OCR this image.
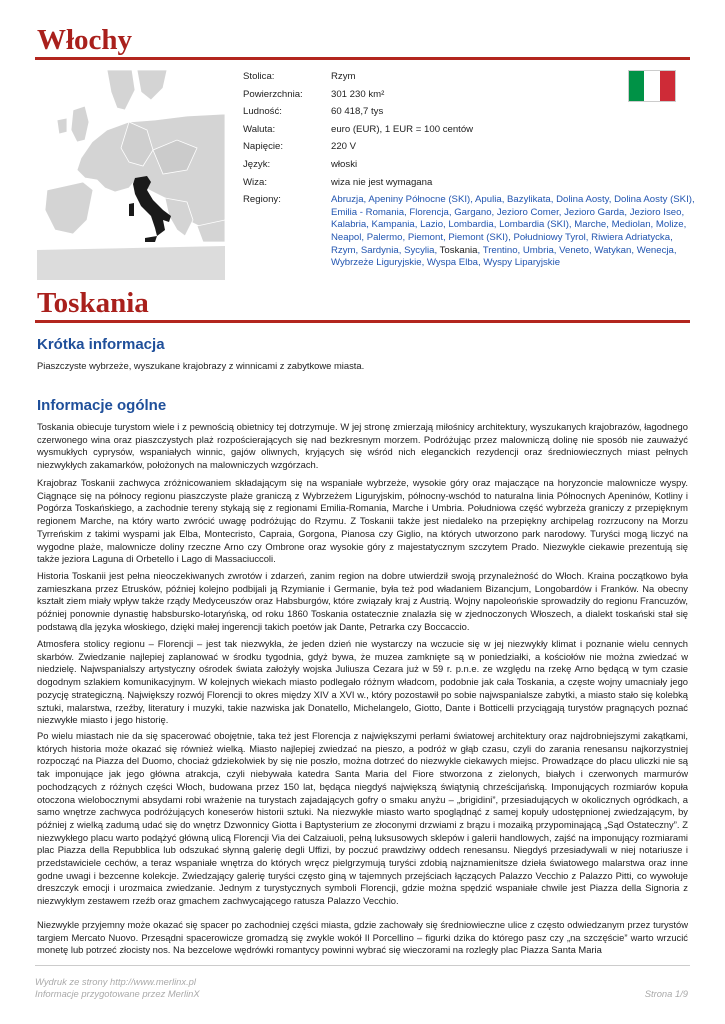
Włochy
Stolica:	Rzym
Powierzchnia:	301 230 km²
Ludność:	60 418,7 tys
Waluta:	euro (EUR), 1 EUR = 100 centów
Napięcie:	220 V
Język:	włoski
Wiza:	wiza nie jest wymagana
Regiony:	Abruzja, Apeniny Północne (SKI), Apulia, Bazylikata, Dolina Aosty, Dolina Aosty (SKI), Emilia - Romania, Florencja, Gargano, Jezioro Comer, Jezioro Garda, Jezioro Iseo, Kalabria, Kampania, Lazio, Lombardia, Lombardia (SKI), Marche, Mediolan, Molize, Neapol, Palermo, Piemont, Piemont (SKI), Południowy Tyrol, Riwiera Adriatycka, Rzym, Sardynia, Sycylia, Toskania, Trentino, Umbria, Veneto, Watykan, Wenecja, Wybrzeże Liguryjskie, Wyspa Elba, Wyspy Liparyjskie
Toskania
Krótka informacja

Piaszczyste wybrzeże, wyszukane krajobrazy z winnicami z zabytkowe miasta.

Informacje ogólne

Toskania obiecuje turystom wiele i z pewnością obietnicy tej dotrzymuje. W jej stronę zmierzają miłośnicy architektury, wyszukanych krajobrazów, łagodnego czerwonego wina oraz piaszczystych plaż rozpościerających się nad bezkresnym morzem. Podróżując przez malowniczą dolinę nie sposób nie zauważyć wysmukłych cyprysów, wspaniałych winnic, gajów oliwnych, kryjących się wśród nich eleganckich rezydencji oraz średniowiecznych miast pełnych niezwykłych zakamarków, położonych na malowniczych wzgórzach.

Krajobraz Toskanii zachwyca zróżnicowaniem składającym się na wspaniałe wybrzeże, wysokie góry oraz majaczące na horyzoncie malownicze wyspy. Ciągnące się na północy regionu piaszczyste plaże graniczą z Wybrzeżem Liguryjskim, północny-wschód to naturalna linia Północnych Apeninów, Kotliny i Pogórza Toskańskiego, a zachodnie tereny stykają się z regionami Emilia-Romania, Marche i Umbria. Południowa część wybrzeża graniczy z przepięknym regionem Marche, na który warto zwrócić uwagę podróżując do Rzymu. Z Toskanii także jest niedaleko na przepiękny archipelag rozrzucony na Morzu Tyrreńskim z takimi wyspami jak Elba, Montecristo, Capraia, Gorgona, Pianosa czy Giglio, na których utworzono park narodowy. Turyści mogą liczyć na wygodne plaże, malownicze doliny rzeczne Arno czy Ombrone oraz wysokie góry z majestatycznym szczytem Prado. Niezwykle ciekawie prezentują się także jeziora Laguna di Orbetello i Lago di Massaciuccoli.

Historia Toskanii jest pełna nieoczekiwanych zwrotów i zdarzeń, zanim region na dobre utwierdził swoją przynależność do Włoch. Kraina początkowo była zamieszkana przez Etrusków, później kolejno podbijali ją Rzymianie i Germanie, była też pod władaniem Bizancjum, Longobardów i Franków. Na obecny kształt ziem miały wpływ także rządy Medyceuszów oraz Habsburgów, które związały kraj z Austrią. Wojny napoleońskie sprowadziły do regionu Francuzów, później ponownie dynastię habsbursko-lotaryńską, od roku 1860 Toskania ostatecznie znalazła się w zjednoczonych Włoszech, a dialekt toskański stał się podstawą dla języka włoskiego, dzięki małej ingerencji takich poetów jak Dante, Petrarka czy Boccaccio.

Atmosfera stolicy regionu – Florencji – jest tak niezwykła, że jeden dzień nie wystarczy na wczucie się w jej niezwykły klimat i poznanie wielu cennych skarbów. Zwiedzanie najlepiej zaplanować w środku tygodnia, gdyż bywa, że muzea zamknięte są w poniedziałki, a kościołów nie można zwiedzać w niedzielę. Najwspanialszy artystyczny ośrodek świata założyły wojska Juliusza Cezara już w 59 r. p.n.e. ze względu na rzekę Arno będącą w tym czasie dogodnym szlakiem komunikacyjnym. W kolejnych wiekach miasto podlegało różnym władcom, podobnie jak cała Toskania, a częste wojny umacniały jego pozycję strategiczną. Największy rozwój Florencji to okres między XIV a XVI w., który pozostawił po sobie najwspanialsze zabytki, a miasto stało się kolebką sztuki, malarstwa, rzeźby, literatury i muzyki, takie nazwiska jak Donatello, Michelangelo, Giotto, Dante i Botticelli przyciągają turystów pragnących poznać niezwykłe miasto i jego historię.

Po wielu miastach nie da się spacerować obojętnie, taka też jest Florencja z największymi perłami światowej architektury oraz najdrobniejszymi zakątkami, których historia może okazać się również wielką. Miasto najlepiej zwiedzać na pieszo, a podróż w głąb czasu, czyli do zarania renesansu najkorzystniej rozpocząć na Piazza del Duomo, chociaż gdziekolwiek by się nie poszło, można dotrzeć do niezwykle ciekawych miejsc. Prowadzące do placu uliczki nie są tak imponujące jak jego główna atrakcja, czyli niebywała katedra Santa Maria del Fiore stworzona z zielonych, białych i czerwonych marmurów pochodzących z różnych części Włoch, budowana przez 150 lat, będąca niegdyś największą świątynią chrześcijańską. Imponujących rozmiarów kopuła otoczona wielobocznymi absydami robi wrażenie na turystach zajadających gofry o smaku anyżu – „brigidini”, przesiadujących w okolicznych ogródkach, a samo wnętrze zachwyca podróżujących koneserów historii sztuki. Na niezwykłe miasto warto spoglądnąć z samej kopuły udostępnionej zwiedzającym, by później z wielką zadumą udać się do wnętrz Dzwonnicy Giotta i Baptysterium ze złoconymi drzwiami z brązu i mozaiką przypominającą „Sąd Ostateczny”. Z niezwykłego placu warto podążyć główną ulicą Florencji Via dei Calzaiuoli, pełną luksusowych sklepów i galerii handlowych, zajść na imponujący rozmiarami plac Piazza della Repubblica lub odszukać słynną galerię degli Uffizi, by poczuć prawdziwy oddech renesansu. Niegdyś przesiadywali w niej notariusze i przedstawiciele cechów, a teraz wspaniałe wnętrza do których wręcz pielgrzymują turyści zdobią najznamienitsze dzieła światowego malarstwa oraz inne godne uwagi i bezcenne kolekcje. Zwiedzający galerię turyści często giną w tajemnych przejściach łączących Palazzo Vecchio z Palazzo Pitti, co wywołuje dreszczyk emocji i urozmaica zwiedzanie. Jednym z turystycznych symboli Florencji, gdzie można spędzić wspaniałe chwile jest Piazza della Signoria z niezwykłym zestawem rzeźb oraz gmachem zachwycającego ratusza Palazzo Vecchio.

Niezwykle przyjemny może okazać się spacer po zachodniej części miasta, gdzie zachowały się średniowieczne ulice z często odwiedzanym przez turystów targiem Mercato Nuovo. Przesądni spacerowicze gromadzą się zwykle wokół Il Porcellino – figurki dzika do którego pasz czy „na szczęście” warto wrzucić monetę lub potrzeć złocisty nos. Na bezcelowe wędrówki romantycy powinni wybrać się wieczorami na rozległy plac Piazza Santa Maria

Wydruk ze strony http://www.merlinx.pl
Informacje przygotowane przez MerlinX	Strona 1/9
